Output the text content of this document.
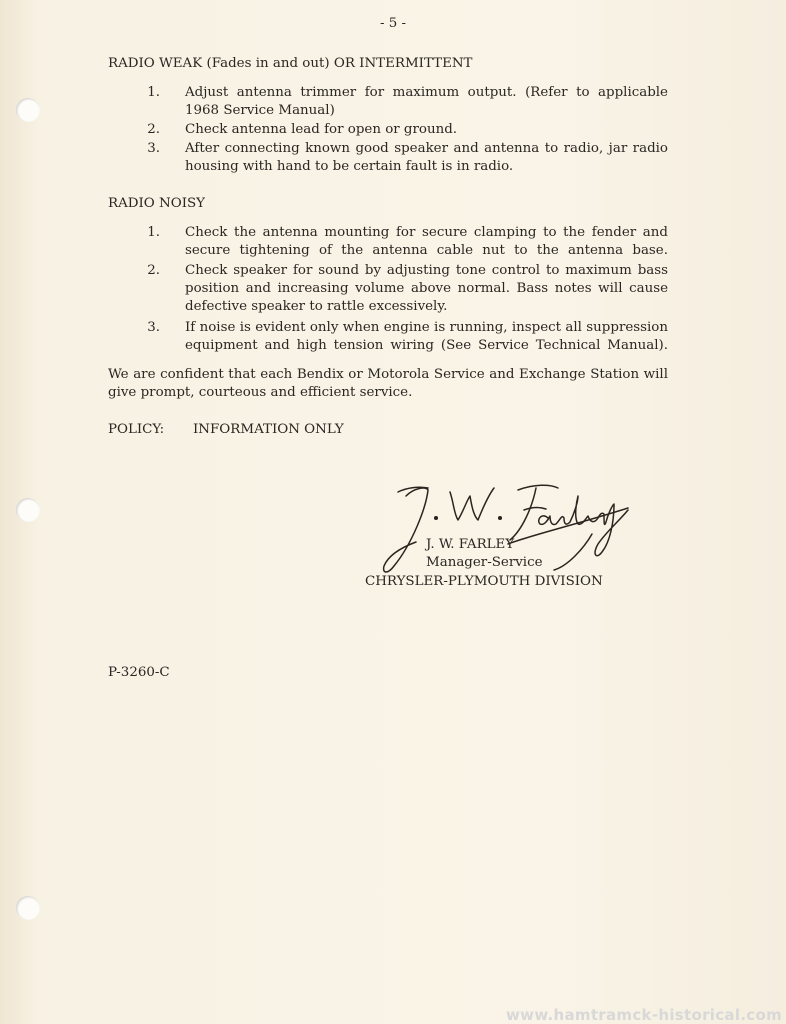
- 5 -
RADIO WEAK (Fades in and out) OR INTERMITTENT
1. Adjust antenna trimmer for maximum output. (Refer to applicable
1968 Service Manual)
2. Check antenna lead for open or ground.
3. After connecting known good speaker and antenna to radio, jar radio
housing with hand to be certain fault is in radio.
RADIO NOISY
1. Check the antenna mounting for secure clamping to the fender and
secure tightening of the antenna cable nut to the antenna base.
2. Check speaker for sound by adjusting tone control to maximum bass
position and increasing volume above normal. Bass notes will cause
defective speaker to rattle excessively.
3. If noise is evident only when engine is running, inspect all suppression
equipment and high tension wiring (See Service Technical Manual).
We are confident that each Bendix or Motorola Service and Exchange Station will
give prompt, courteous and efficient service.
POLICY: INFORMATION ONLY
J. W. FARLEY
Manager-Service
CHRYSLER-PLYMOUTH DIVISION
P-3260-C
www.hamtramck-historical.com
